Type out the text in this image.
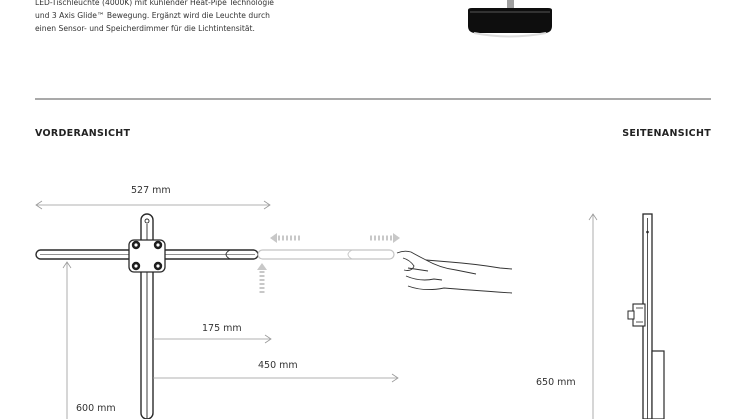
LED-Tischleuchte (4000K) mit kühlender Heat-Pipe Technologie
und 3 Axis Glide™ Bewegung. Ergänzt wird die Leuchte durch
einen Sensor- und Speicherdimmer für die Lichtintensität.
VORDERANSICHT	SEITENANSICHT
527 mm
175 mm
450 mm
600 mm
650 mm
